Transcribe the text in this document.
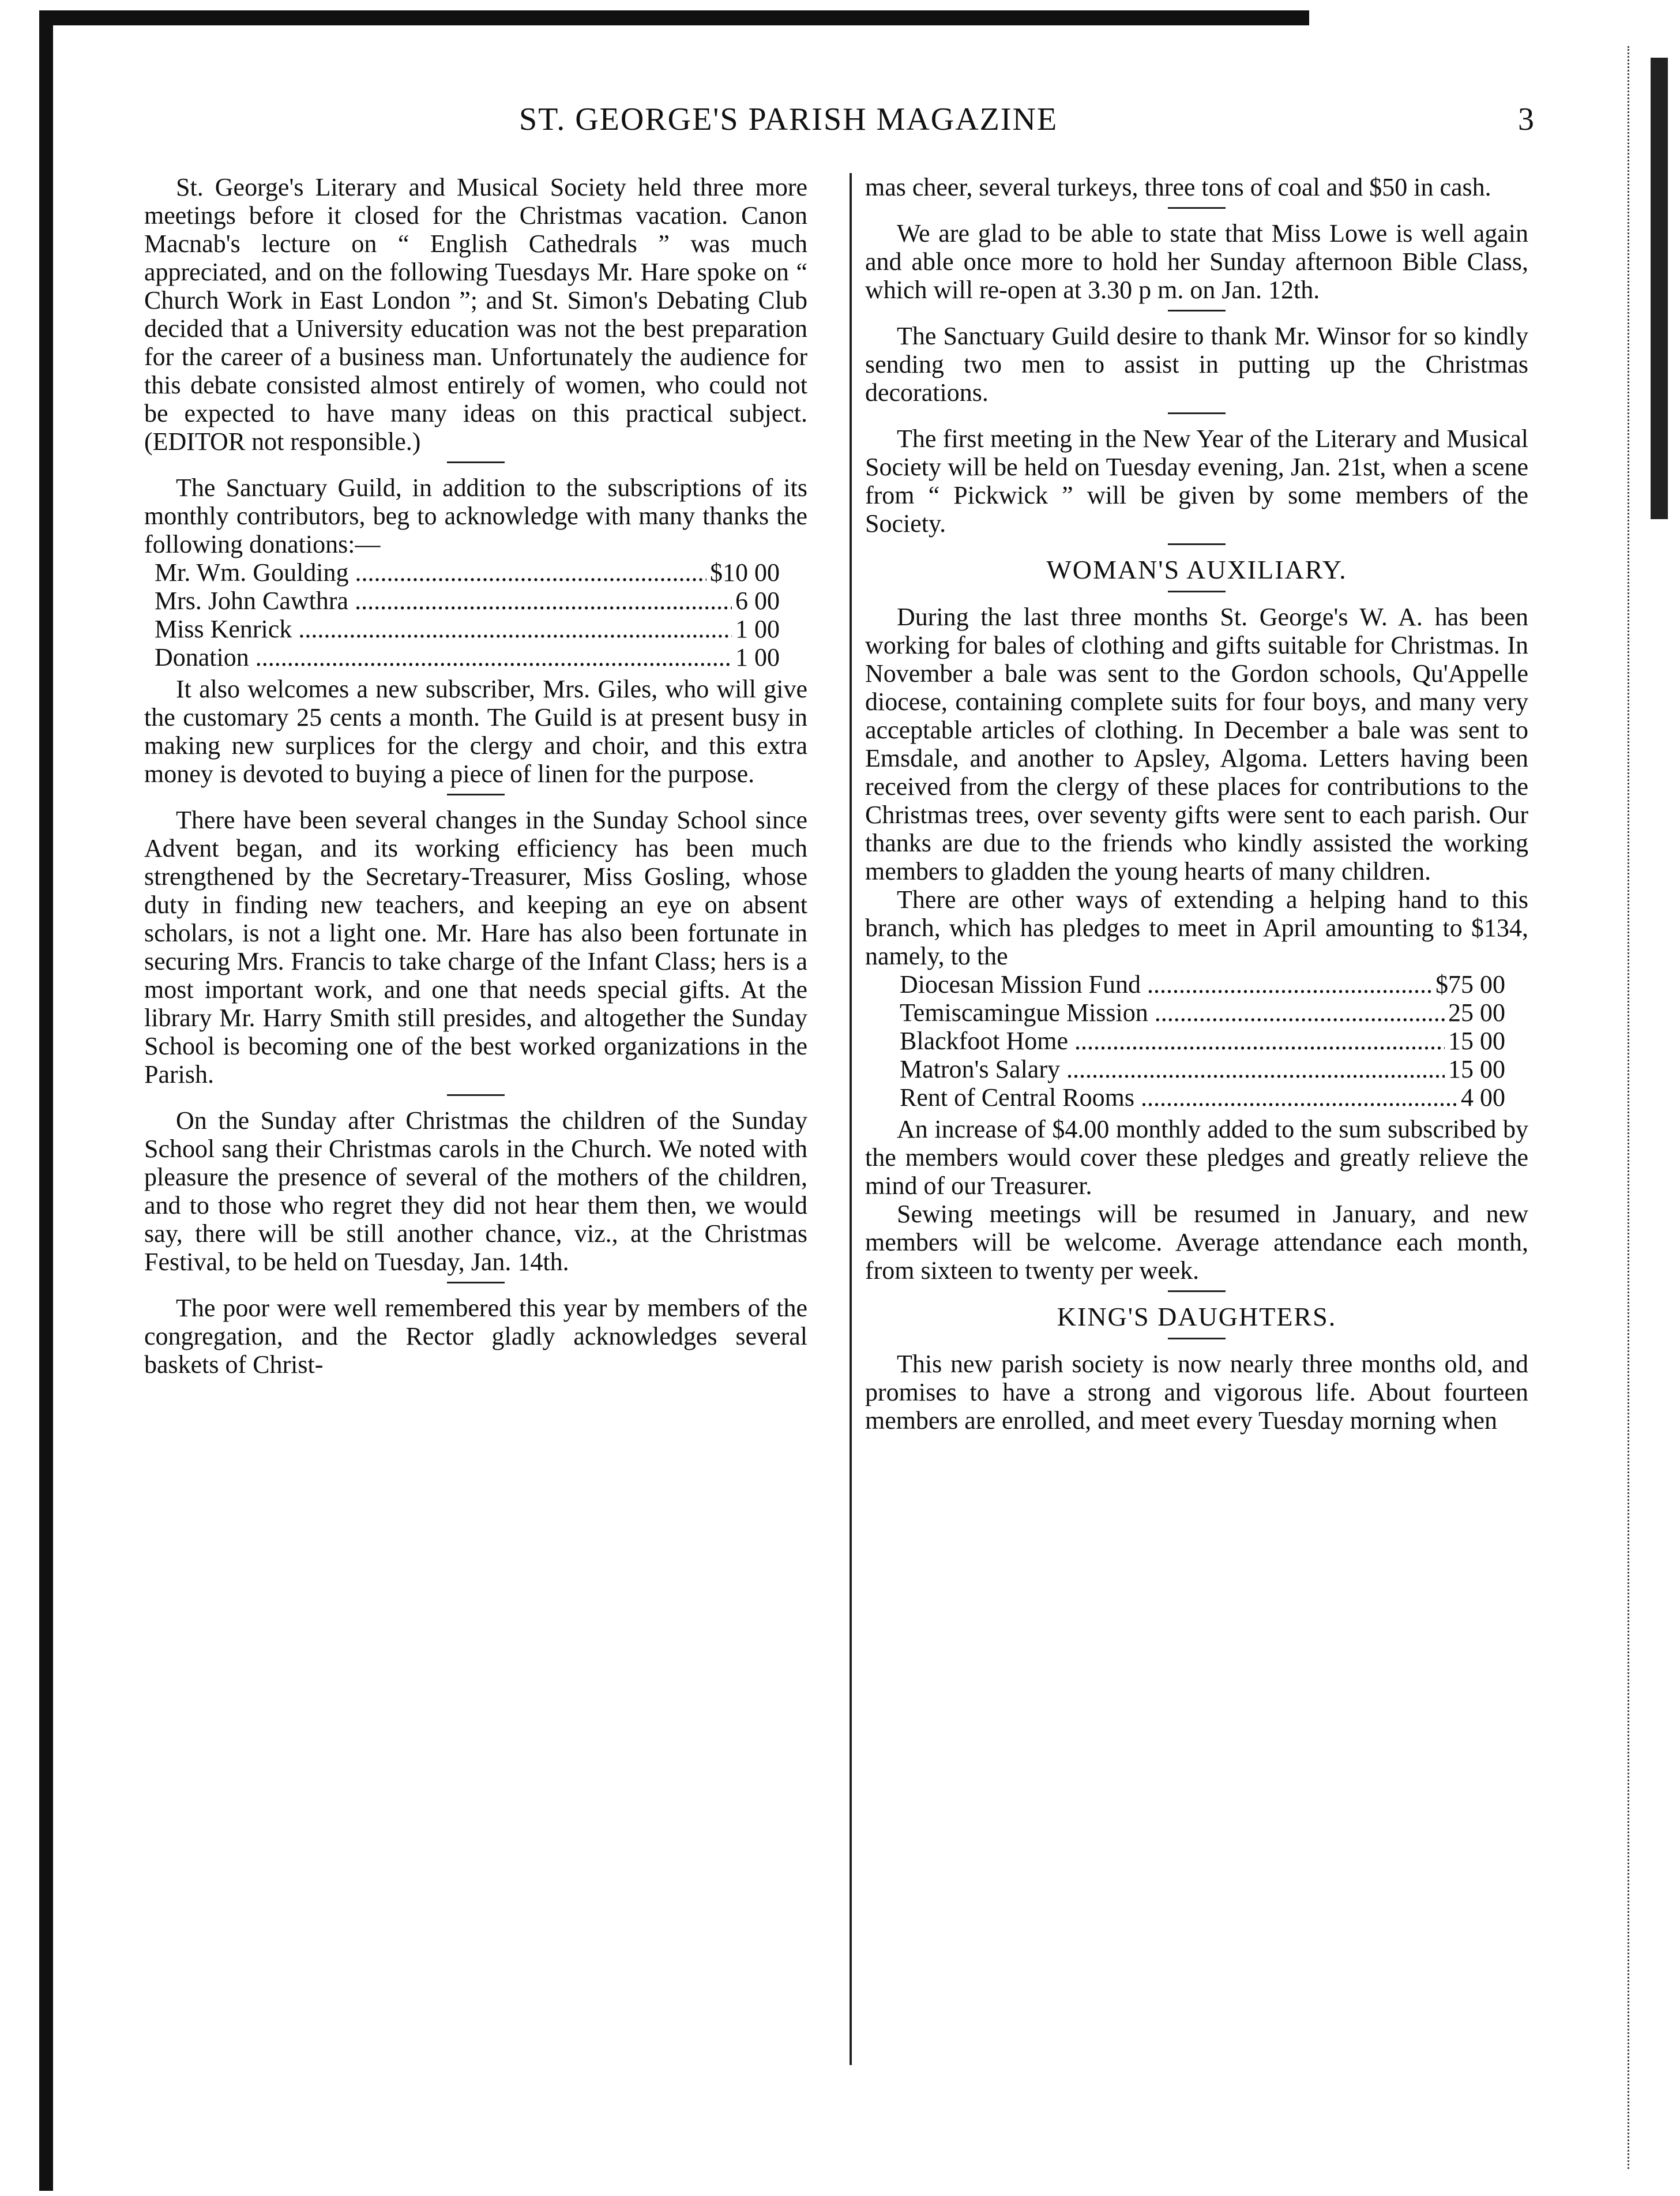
ST. GEORGE'S PARISH MAGAZINE	3

St. George's Literary and Musical Society held three more meetings before it closed for the Christmas vacation. Canon Macnab's lecture on “ English Cathedrals ” was much appreciated, and on the following Tuesdays Mr. Hare spoke on “ Church Work in East London ”; and St. Simon's Debating Club decided that a University education was not the best preparation for the career of a business man. Unfortunately the audience for this debate consisted almost entirely of women, who could not be expected to have many ideas on this practical subject. (EDITOR not responsible.)

The Sanctuary Guild, in addition to the subscriptions of its monthly contributors, beg to acknowledge with many thanks the following donations:—

Mr. Wm. Goulding .....	$10 00
Mrs. John Cawthra .....	6 00
Miss Kenrick .....	1 00
Donation .....	1 00

It also welcomes a new subscriber, Mrs. Giles, who will give the customary 25 cents a month. The Guild is at present busy in making new surplices for the clergy and choir, and this extra money is devoted to buying a piece of linen for the purpose.

There have been several changes in the Sunday School since Advent began, and its working efficiency has been much strengthened by the Secretary-Treasurer, Miss Gosling, whose duty in finding new teachers, and keeping an eye on absent scholars, is not a light one. Mr. Hare has also been fortunate in securing Mrs. Francis to take charge of the Infant Class; hers is a most important work, and one that needs special gifts. At the library Mr. Harry Smith still presides, and altogether the Sunday School is becoming one of the best worked organizations in the Parish.

On the Sunday after Christmas the children of the Sunday School sang their Christmas carols in the Church. We noted with pleasure the presence of several of the mothers of the children, and to those who regret they did not hear them then, we would say, there will be still another chance, viz., at the Christmas Festival, to be held on Tuesday, Jan. 14th.

The poor were well remembered this year by members of the congregation, and the Rector gladly acknowledges several baskets of Christ-

mas cheer, several turkeys, three tons of coal and $50 in cash.

We are glad to be able to state that Miss Lowe is well again and able once more to hold her Sunday afternoon Bible Class, which will re-open at 3.30 p m. on Jan. 12th.

The Sanctuary Guild desire to thank Mr. Winsor for so kindly sending two men to assist in putting up the Christmas decorations.

The first meeting in the New Year of the Literary and Musical Society will be held on Tuesday evening, Jan. 21st, when a scene from “ Pickwick ” will be given by some members of the Society.

WOMAN'S AUXILIARY.

During the last three months St. George's W. A. has been working for bales of clothing and gifts suitable for Christmas. In November a bale was sent to the Gordon schools, Qu'Appelle diocese, containing complete suits for four boys, and many very acceptable articles of clothing. In December a bale was sent to Emsdale, and another to Apsley, Algoma. Letters having been received from the clergy of these places for contributions to the Christmas trees, over seventy gifts were sent to each parish. Our thanks are due to the friends who kindly assisted the working members to gladden the young hearts of many children.

There are other ways of extending a helping hand to this branch, which has pledges to meet in April amounting to $134, namely, to the

Diocesan Mission Fund .....	$75 00
Temiscamingue Mission .....	25 00
Blackfoot Home .....	15 00
Matron's Salary .....	15 00
Rent of Central Rooms .....	4 00

An increase of $4.00 monthly added to the sum subscribed by the members would cover these pledges and greatly relieve the mind of our Treasurer.

Sewing meetings will be resumed in January, and new members will be welcome. Average attendance each month, from sixteen to twenty per week.

KING'S DAUGHTERS.

This new parish society is now nearly three months old, and promises to have a strong and vigorous life. About fourteen members are enrolled, and meet every Tuesday morning when
